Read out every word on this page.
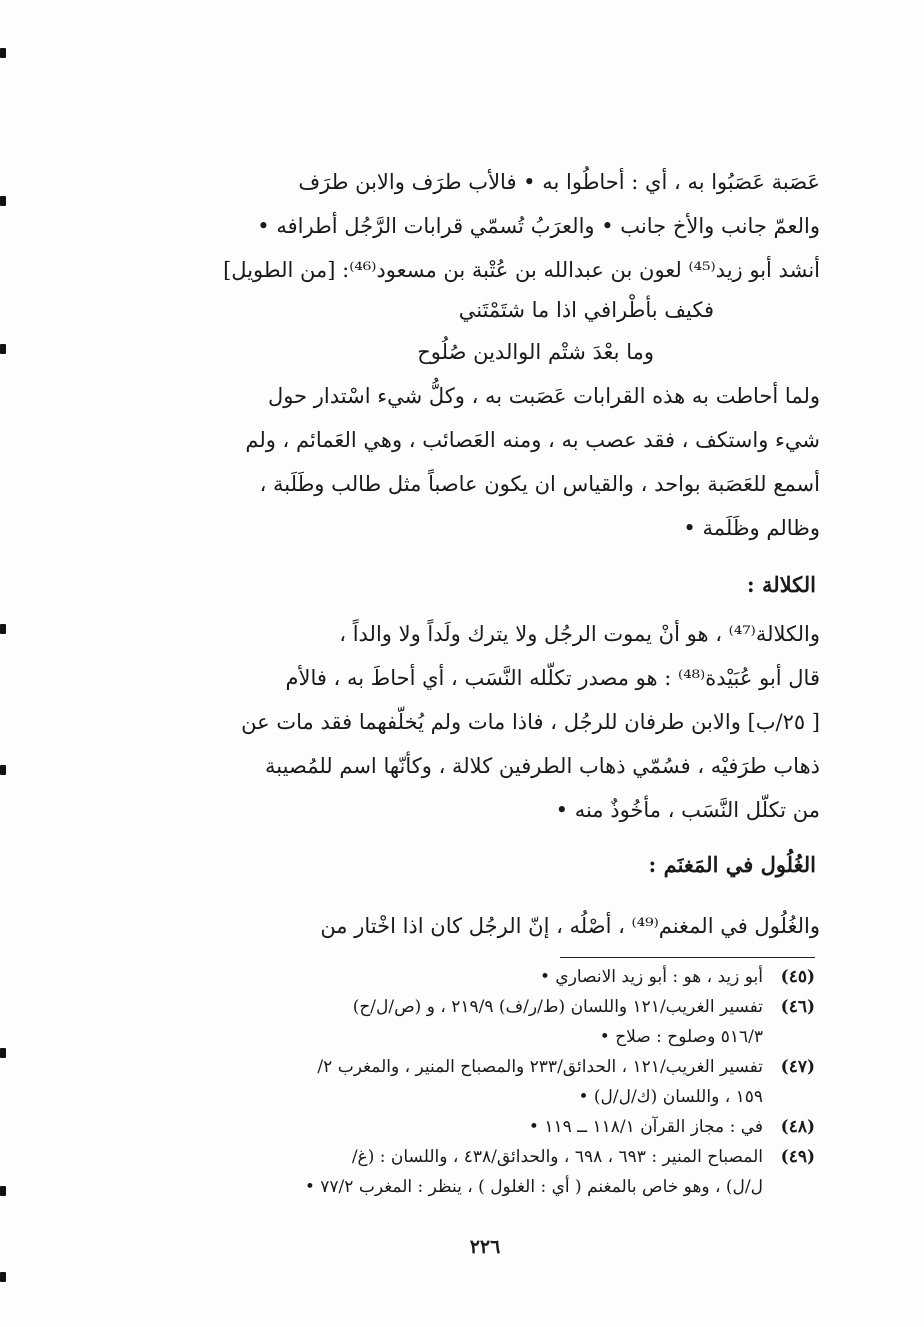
عَصَبة عَصَبُوا به ، أي : أحاطُوا به • فالأب طرَف والابن طرَف
والعمّ جانب والأخ جانب • والعرَبُ تُسمّي قرابات الرَّجُل أطرافه •
أنشد أبو زيد⁽⁴⁵⁾ لعون بن عبدالله بن عُتْبة بن مسعود⁽⁴⁶⁾: [من الطويل]
فكيف بأطْرافي اذا ما شتَمْتَني
وما بعْدَ شتْم الوالدين صُلُوح
ولما أحاطت به هذه القرابات عَصَبت به ، وكلُّ شيء اسْتدار حول
شيء واستكف ، فقد عصب به ، ومنه العَصائب ، وهي العَمائم ، ولم
أسمع للعَصَبة بواحد ، والقياس ان يكون عاصباً مثل طالب وطَلَبة ،
وظالم وظَلَمة •
الكلالة :
والكلالة⁽⁴⁷⁾ ، هو أنْ يموت الرجُل ولا يترك ولَداً ولا والداً ،
قال أبو عُبَيْدة⁽⁴⁸⁾ : هو مصدر تكلّله النَّسَب ، أي أحاطَ به ، فالأم
[ ٢٥/ب] والابن طرفان للرجُل ، فاذا مات ولم يُخلّفهما فقد مات عن
ذهاب طرَفيْه ، فسُمّي ذهاب الطرفين كلالة ، وكأنّها اسم للمُصيبة
من تكلّل النَّسَب ، مأخُوذٌ منه •
الغُلُول في المَغنَم :
والغُلُول في المغنم⁽⁴⁹⁾ ، أصْلُه ، إنّ الرجُل كان اذا اخْتار من
(٤٥)
أبو زيد ، هو : أبو زيد الانصاري •
(٤٦)
تفسير الغريب/١٢١ واللسان (ط/ر/ف) ٢١٩/٩ ، و (ص/ل/ح)
٥١٦/٣ وصلوح : صلاح •
(٤٧)
تفسير الغريب/١٢١ ، الحدائق/٢٣٣ والمصباح المنير ، والمغرب ٢/
١٥٩ ، واللسان (ك/ل/ل) •
(٤٨)
في : مجاز القرآن ١١٨/١ ــ ١١٩ •
(٤٩)
المصباح المنير : ٦٩٣ ، ٦٩٨ ، والحدائق/٤٣٨ ، واللسان : (غ/
ل/ل) ، وهو خاص بالمغنم ( أي : الغلول ) ، ينظر : المغرب ٧٧/٢ •
٢٢٦
